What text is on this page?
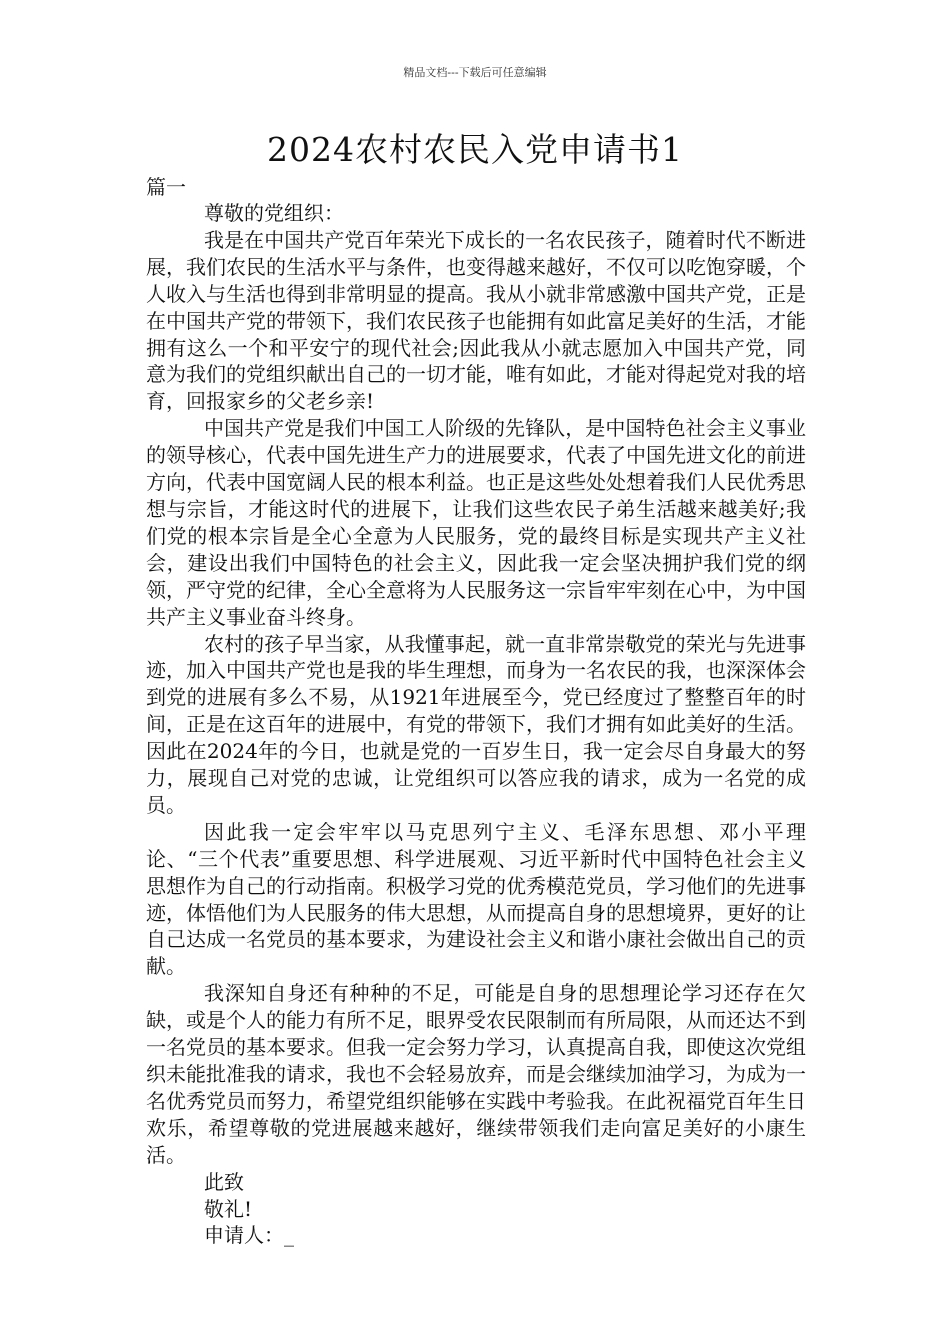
精品文档---下载后可任意编辑
2024农村农民入党申请书1
篇一

尊敬的党组织：

我是在中国共产党百年荣光下成长的一名农民孩子，随着时代不断进展，我们农民的生活水平与条件，也变得越来越好，不仅可以吃饱穿暖，个人收入与生活也得到非常明显的提高。我从小就非常感激中国共产党，正是在中国共产党的带领下，我们农民孩子也能拥有如此富足美好的生活，才能拥有这么一个和平安宁的现代社会;因此我从小就志愿加入中国共产党，同意为我们的党组织献出自己的一切才能，唯有如此，才能对得起党对我的培育，回报家乡的父老乡亲!

中国共产党是我们中国工人阶级的先锋队，是中国特色社会主义事业的领导核心，代表中国先进生产力的进展要求，代表了中国先进文化的前进方向，代表中国宽阔人民的根本利益。也正是这些处处想着我们人民优秀思想与宗旨，才能这时代的进展下，让我们这些农民子弟生活越来越美好;我们党的根本宗旨是全心全意为人民服务，党的最终目标是实现共产主义社会，建设出我们中国特色的社会主义，因此我一定会坚决拥护我们党的纲领，严守党的纪律，全心全意将为人民服务这一宗旨牢牢刻在心中，为中国共产主义事业奋斗终身。

农村的孩子早当家，从我懂事起，就一直非常崇敬党的荣光与先进事迹，加入中国共产党也是我的毕生理想，而身为一名农民的我，也深深体会到党的进展有多么不易，从1921年进展至今，党已经度过了整整百年的时间，正是在这百年的进展中，有党的带领下，我们才拥有如此美好的生活。因此在2024年的今日，也就是党的一百岁生日，我一定会尽自身最大的努力，展现自己对党的忠诚，让党组织可以答应我的请求，成为一名党的成员。

因此我一定会牢牢以马克思列宁主义、毛泽东思想、邓小平理论、“三个代表”重要思想、科学进展观、习近平新时代中国特色社会主义思想作为自己的行动指南。积极学习党的优秀模范党员，学习他们的先进事迹，体悟他们为人民服务的伟大思想，从而提高自身的思想境界，更好的让自己达成一名党员的基本要求，为建设社会主义和谐小康社会做出自己的贡献。

我深知自身还有种种的不足，可能是自身的思想理论学习还存在欠缺，或是个人的能力有所不足，眼界受农民限制而有所局限，从而还达不到一名党员的基本要求。但我一定会努力学习，认真提高自我，即使这次党组织未能批准我的请求，我也不会轻易放弃，而是会继续加油学习，为成为一名优秀党员而努力，希望党组织能够在实践中考验我。在此祝福党百年生日欢乐，希望尊敬的党进展越来越好，继续带领我们走向富足美好的小康生活。

此致

敬礼!

申请人：_
